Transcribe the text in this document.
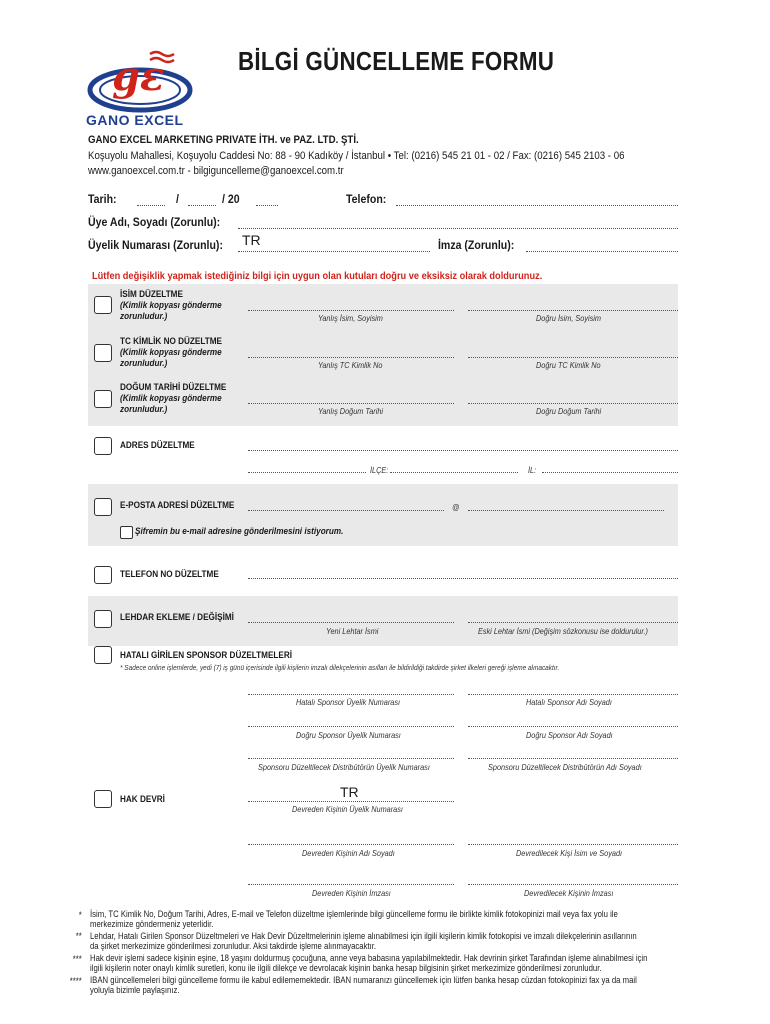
gε
GANO EXCEL
BİLGİ GÜNCELLEME FORMU
GANO EXCEL MARKETING PRIVATE İTH. ve PAZ. LTD. ŞTİ.
Koşuyolu Mahallesi, Koşuyolu Caddesi No: 88 - 90 Kadıköy / İstanbul • Tel: (0216) 545 21 01 - 02 / Fax: (0216) 545 2103 - 06
www.ganoexcel.com.tr - bilgiguncelleme@ganoexcel.com.tr
Tarih:	/	/ 20	Telefon:
Üye Adı, Soyadı (Zorunlu):
Üyelik Numarası (Zorunlu): TR	İmza (Zorunlu):
Lütfen değişiklik yapmak istediğiniz bilgi için uygun olan kutuları doğru ve eksiksiz olarak doldurunuz.
İSİM DÜZELTME
(Kimlik kopyası gönderme
zorunludur.)	Yanlış İsim, Soyisim	Doğru İsim, Soyisim
TC KİMLİK NO DÜZELTME
(Kimlik kopyası gönderme
zorunludur.)	Yanlış TC Kimlik No	Doğru TC Kimlik No
DOĞUM TARİHİ DÜZELTME
(Kimlik kopyası gönderme
zorunludur.)	Yanlış Doğum Tarihi	Doğru Doğum Tarihi
ADRES DÜZELTME
İLÇE:	İL:
E-POSTA ADRESİ DÜZELTME	@
Şifremin bu e-mail adresine gönderilmesini istiyorum.
TELEFON NO DÜZELTME
LEHDAR EKLEME / DEĞİŞİMİ
Yeni Lehtar İsmi	Eski Lehtar İsmi (Değişim sözkonusu ise doldurulur.)
HATALI GİRİLEN SPONSOR DÜZELTMELERİ
* Sadece online işlemlerde, yedi (7) iş günü içerisinde ilgili kişilerin imzalı dilekçelerinin asılları ile bildirildiği takdirde şirket ilkeleri gereği işleme alınacaktır.
Hatalı Sponsor Üyelik Numarası	Hatalı Sponsor Adı Soyadı
Doğru Sponsor Üyelik Numarası	Doğru Sponsor Adı Soyadı
Sponsoru Düzeltilecek Distribütörün Üyelik Numarası	Sponsoru Düzeltilecek Distribütörün Adı Soyadı
HAK DEVRİ	TR
Devreden Kişinin Üyelik Numarası
Devreden Kişinin Adı Soyadı	Devredilecek Kişi İsim ve Soyadı
Devreden Kişinin İmzası	Devredilecek Kişinin İmzası
* İsim, TC Kimlik No, Doğum Tarihi, Adres, E-mail ve Telefon düzeltme işlemlerinde bilgi güncelleme formu ile birlikte kimlik fotokopinizi mail veya fax yolu ile
merkezimize göndermeniz yeterlidir.
** Lehdar, Hatalı Girilen Sponsor Düzeltmeleri ve Hak Devir Düzeltmelerinin işleme alınabilmesi için ilgili kişilerin kimlik fotokopisi ve imzalı dilekçelerinin asıllarının
da şirket merkezimize gönderilmesi zorunludur. Aksi takdirde işleme alınmayacaktır.
*** Hak devir işlemi sadece kişinin eşine, 18 yaşını doldurmuş çocuğuna, anne veya babasına yapılabilmektedir. Hak devrinin şirket Tarafından işleme alınabilmesi için
ilgili kişilerin noter onaylı kimlik suretleri, konu ile ilgili dilekçe ve devrolacak kişinin banka hesap bilgisinin şirket merkezimize gönderilmesi zorunludur.
**** IBAN güncellemeleri bilgi güncelleme formu ile kabul edilememektedir. IBAN numaranızı güncellemek için lütfen banka hesap cüzdan fotokopinizi fax ya da mail
yoluyla bizimle paylaşınız.
